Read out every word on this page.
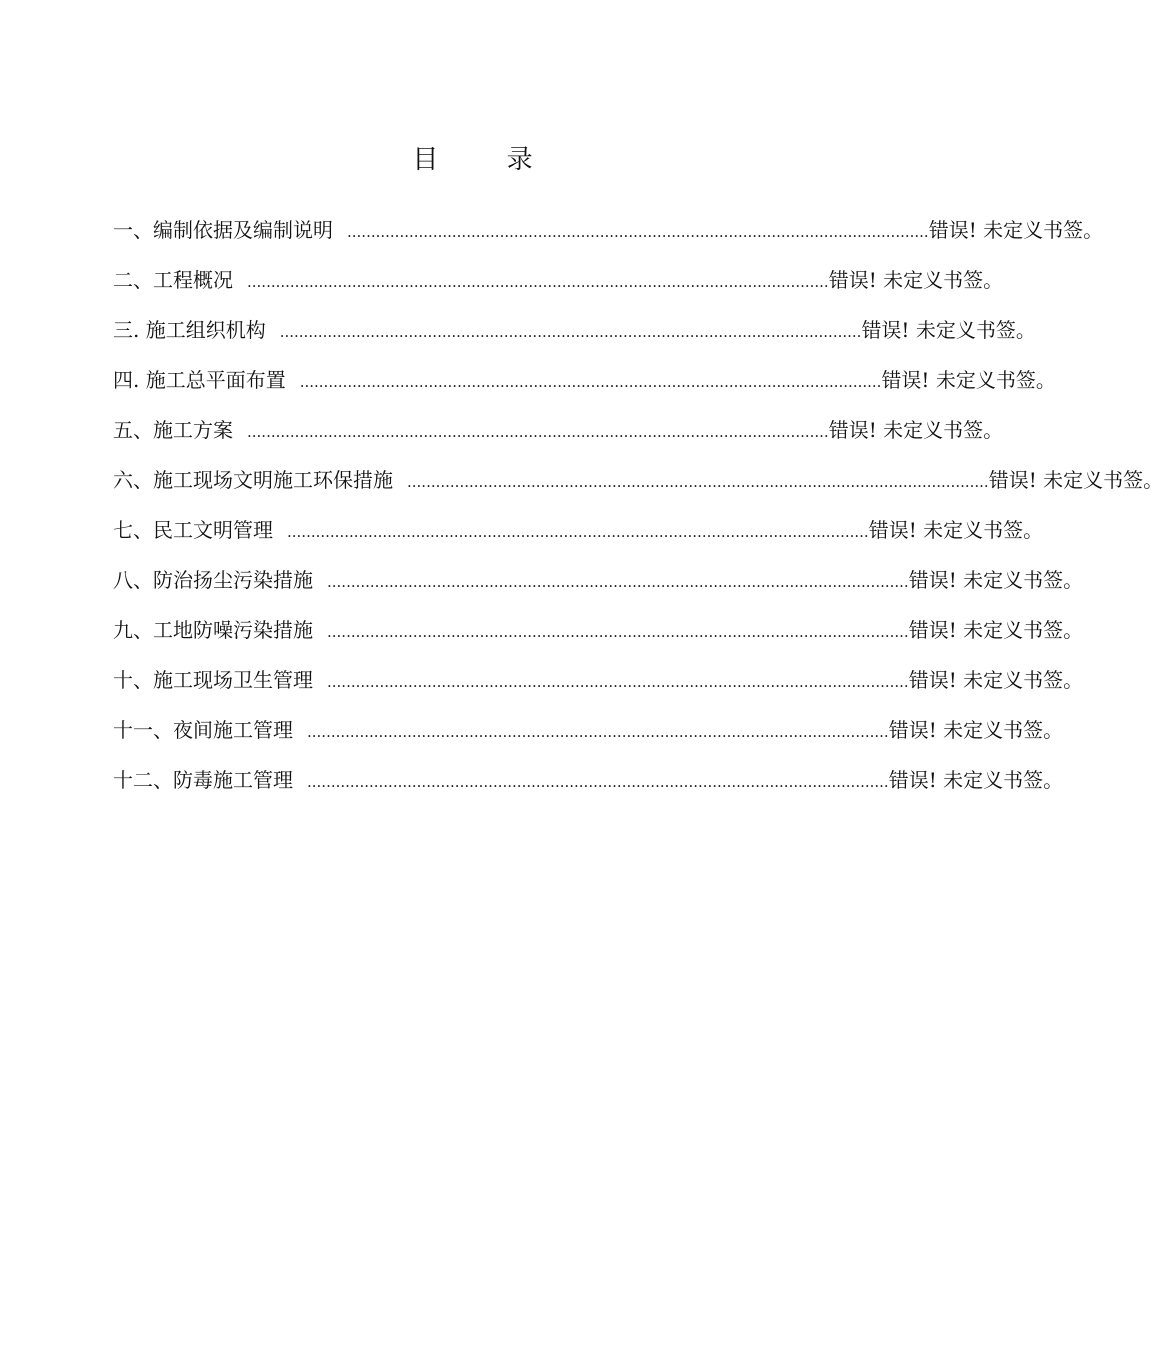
目 录
一、编制依据及编制说明 .......................................................................................................................... 错误! 未定义书签。
二、工程概况 .......................................................................................................................... 错误! 未定义书签。
三. 施工组织机构 .......................................................................................................................... 错误! 未定义书签。
四. 施工总平面布置 .......................................................................................................................... 错误! 未定义书签。
五、施工方案 .......................................................................................................................... 错误! 未定义书签。
六、施工现场文明施工环保措施 .......................................................................................................................... 错误! 未定义书签。
七、民工文明管理 .......................................................................................................................... 错误! 未定义书签。
八、防治扬尘污染措施 .......................................................................................................................... 错误! 未定义书签。
九、工地防噪污染措施 .......................................................................................................................... 错误! 未定义书签。
十、施工现场卫生管理 .......................................................................................................................... 错误! 未定义书签。
十一、夜间施工管理 .......................................................................................................................... 错误! 未定义书签。
十二、防毒施工管理 .......................................................................................................................... 错误! 未定义书签。
